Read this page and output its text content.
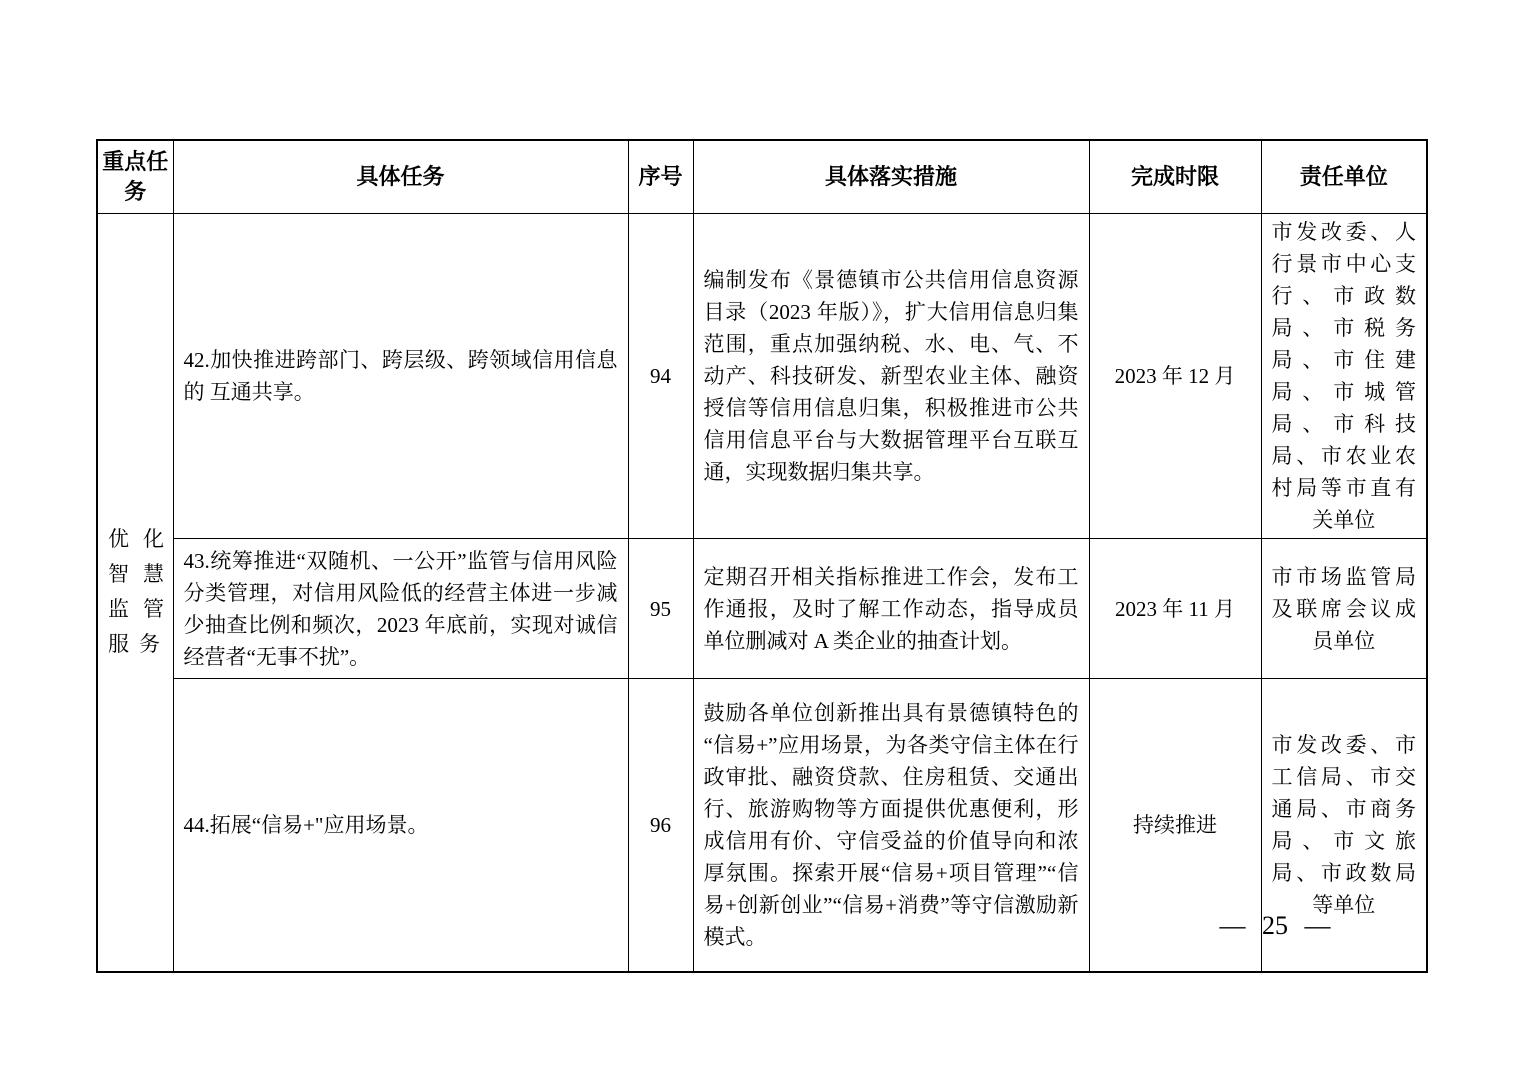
重点任务	具体任务	序号	具体落实措施	完成时限	责任单位
优化智慧监管服务	42.加快推进跨部门、跨层级、跨领域信用信息的 互通共享。	94	编制发布《景德镇市公共信用信息资源目录（2023 年版）》，扩大信用信息归集范围，重点加强纳税、水、电、气、不动产、科技研发、新型农业主体、融资授信等信用信息归集，积极推进市公共信用信息平台与大数据管理平台互联互通，实现数据归集共享。	2023 年 12 月	市发改委、人行景市中心支行、市政数局、市税务局、市住建局、市城管局、市科技局、市农业农村局等市直有关单位
	43.统筹推进“双随机、一公开”监管与信用风险分类管理，对信用风险低的经营主体进一步减少抽查比例和频次，2023 年底前，实现对诚信经营者“无事不扰”。	95	定期召开相关指标推进工作会，发布工作通报，及时了解工作动态，指导成员单位删减对 A 类企业的抽查计划。	2023 年 11 月	市市场监管局及联席会议成员单位
	44.拓展“信易+"应用场景。	96	鼓励各单位创新推出具有景德镇特色的“信易+”应用场景，为各类守信主体在行政审批、融资贷款、住房租赁、交通出行、旅游购物等方面提供优惠便利，形成信用有价、守信受益的价值导向和浓厚氛围。探索开展“信易+项目管理”“信易+创新创业”“信易+消费”等守信激励新模式。	持续推进	市发改委、市工信局、市交通局、市商务局、市文旅局、市政数局等单位
— 25 —
